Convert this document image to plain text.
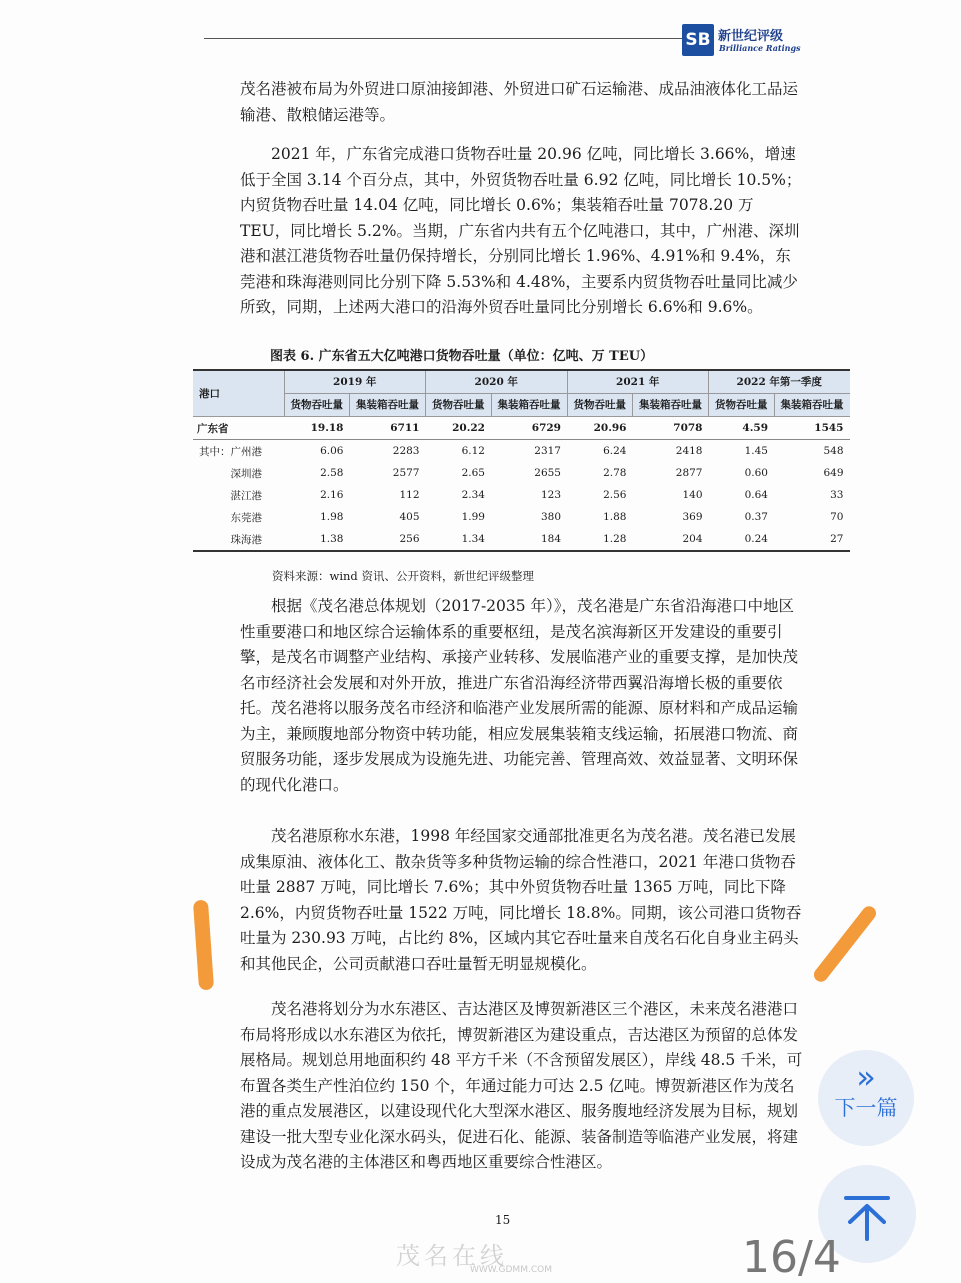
SB 新世纪评级
Brilliance Ratings

茂名港被布局为外贸进口原油接卸港、外贸进口矿石运输港、成品油液体化工品运输港、散粮储运港等。

2021 年，广东省完成港口货物吞吐量 20.96 亿吨，同比增长 3.66%，增速低于全国 3.14 个百分点，其中，外贸货物吞吐量 6.92 亿吨，同比增长 10.5%；内贸货物吞吐量 14.04 亿吨，同比增长 0.6%；集装箱吞吐量 7078.20 万 TEU，同比增长 5.2%。当期，广东省内共有五个亿吨港口，其中，广州港、深圳港和湛江港货物吞吐量仍保持增长，分别同比增长 1.96%、4.91%和 9.4%，东莞港和珠海港则同比分别下降 5.53%和 4.48%，主要系内贸货物吞吐量同比减少所致，同期，上述两大港口的沿海外贸吞吐量同比分别增长 6.6%和 9.6%。

图表 6. 广东省五大亿吨港口货物吞吐量（单位：亿吨、万 TEU）
港口	2019 年		2020 年		2021 年		2022 年第一季度	
	货物吞吐量	集装箱吞吐量	货物吞吐量	集装箱吞吐量	货物吞吐量	集装箱吞吐量	货物吞吐量	集装箱吞吐量
广东省	19.18	6711	20.22	6729	20.96	7078	4.59	1545
其中：广州港	6.06	2283	6.12	2317	6.24	2418	1.45	548
深圳港	2.58	2577	2.65	2655	2.78	2877	0.60	649
湛江港	2.16	112	2.34	123	2.56	140	0.64	33
东莞港	1.98	405	1.99	380	1.88	369	0.37	70
珠海港	1.38	256	1.34	184	1.28	204	0.24	27
资料来源：wind 资讯、公开资料，新世纪评级整理

根据《茂名港总体规划（2017-2035 年）》，茂名港是广东省沿海港口中地区性重要港口和地区综合运输体系的重要枢纽，是茂名滨海新区开发建设的重要引擎，是茂名市调整产业结构、承接产业转移、发展临港产业的重要支撑，是加快茂名市经济社会发展和对外开放，推进广东省沿海经济带西翼沿海增长极的重要依托。茂名港将以服务茂名市经济和临港产业发展所需的能源、原材料和产成品运输为主，兼顾腹地部分物资中转功能，相应发展集装箱支线运输，拓展港口物流、商贸服务功能，逐步发展成为设施先进、功能完善、管理高效、效益显著、文明环保的现代化港口。

茂名港原称水东港，1998 年经国家交通部批准更名为茂名港。茂名港已发展成集原油、液体化工、散杂货等多种货物运输的综合性港口，2021 年港口货物吞吐量 2887 万吨，同比增长 7.6%；其中外贸货物吞吐量 1365 万吨，同比下降 2.6%，内贸货物吞吐量 1522 万吨，同比增长 18.8%。同期，该公司港口货物吞吐量为 230.93 万吨，占比约 8%，区域内其它吞吐量来自茂名石化自身业主码头和其他民企，公司贡献港口吞吐量暂无明显规模化。

茂名港将划分为水东港区、吉达港区及博贺新港区三个港区，未来茂名港港口布局将形成以水东港区为依托，博贺新港区为建设重点，吉达港区为预留的总体发展格局。规划总用地面积约 48 平方千米（不含预留发展区），岸线 48.5 千米，可布置各类生产性泊位约 150 个，年通过能力可达 2.5 亿吨。博贺新港区作为茂名港的重点发展港区，以建设现代化大型深水港区、服务腹地经济发展为目标，规划建设一批大型专业化深水码头，促进石化、能源、装备制造等临港产业发展，将建设成为茂名港的主体港区和粤西地区重要综合性港区。

15
茂名在线
WWW.GDMM.COM
»
下一篇
16/4
